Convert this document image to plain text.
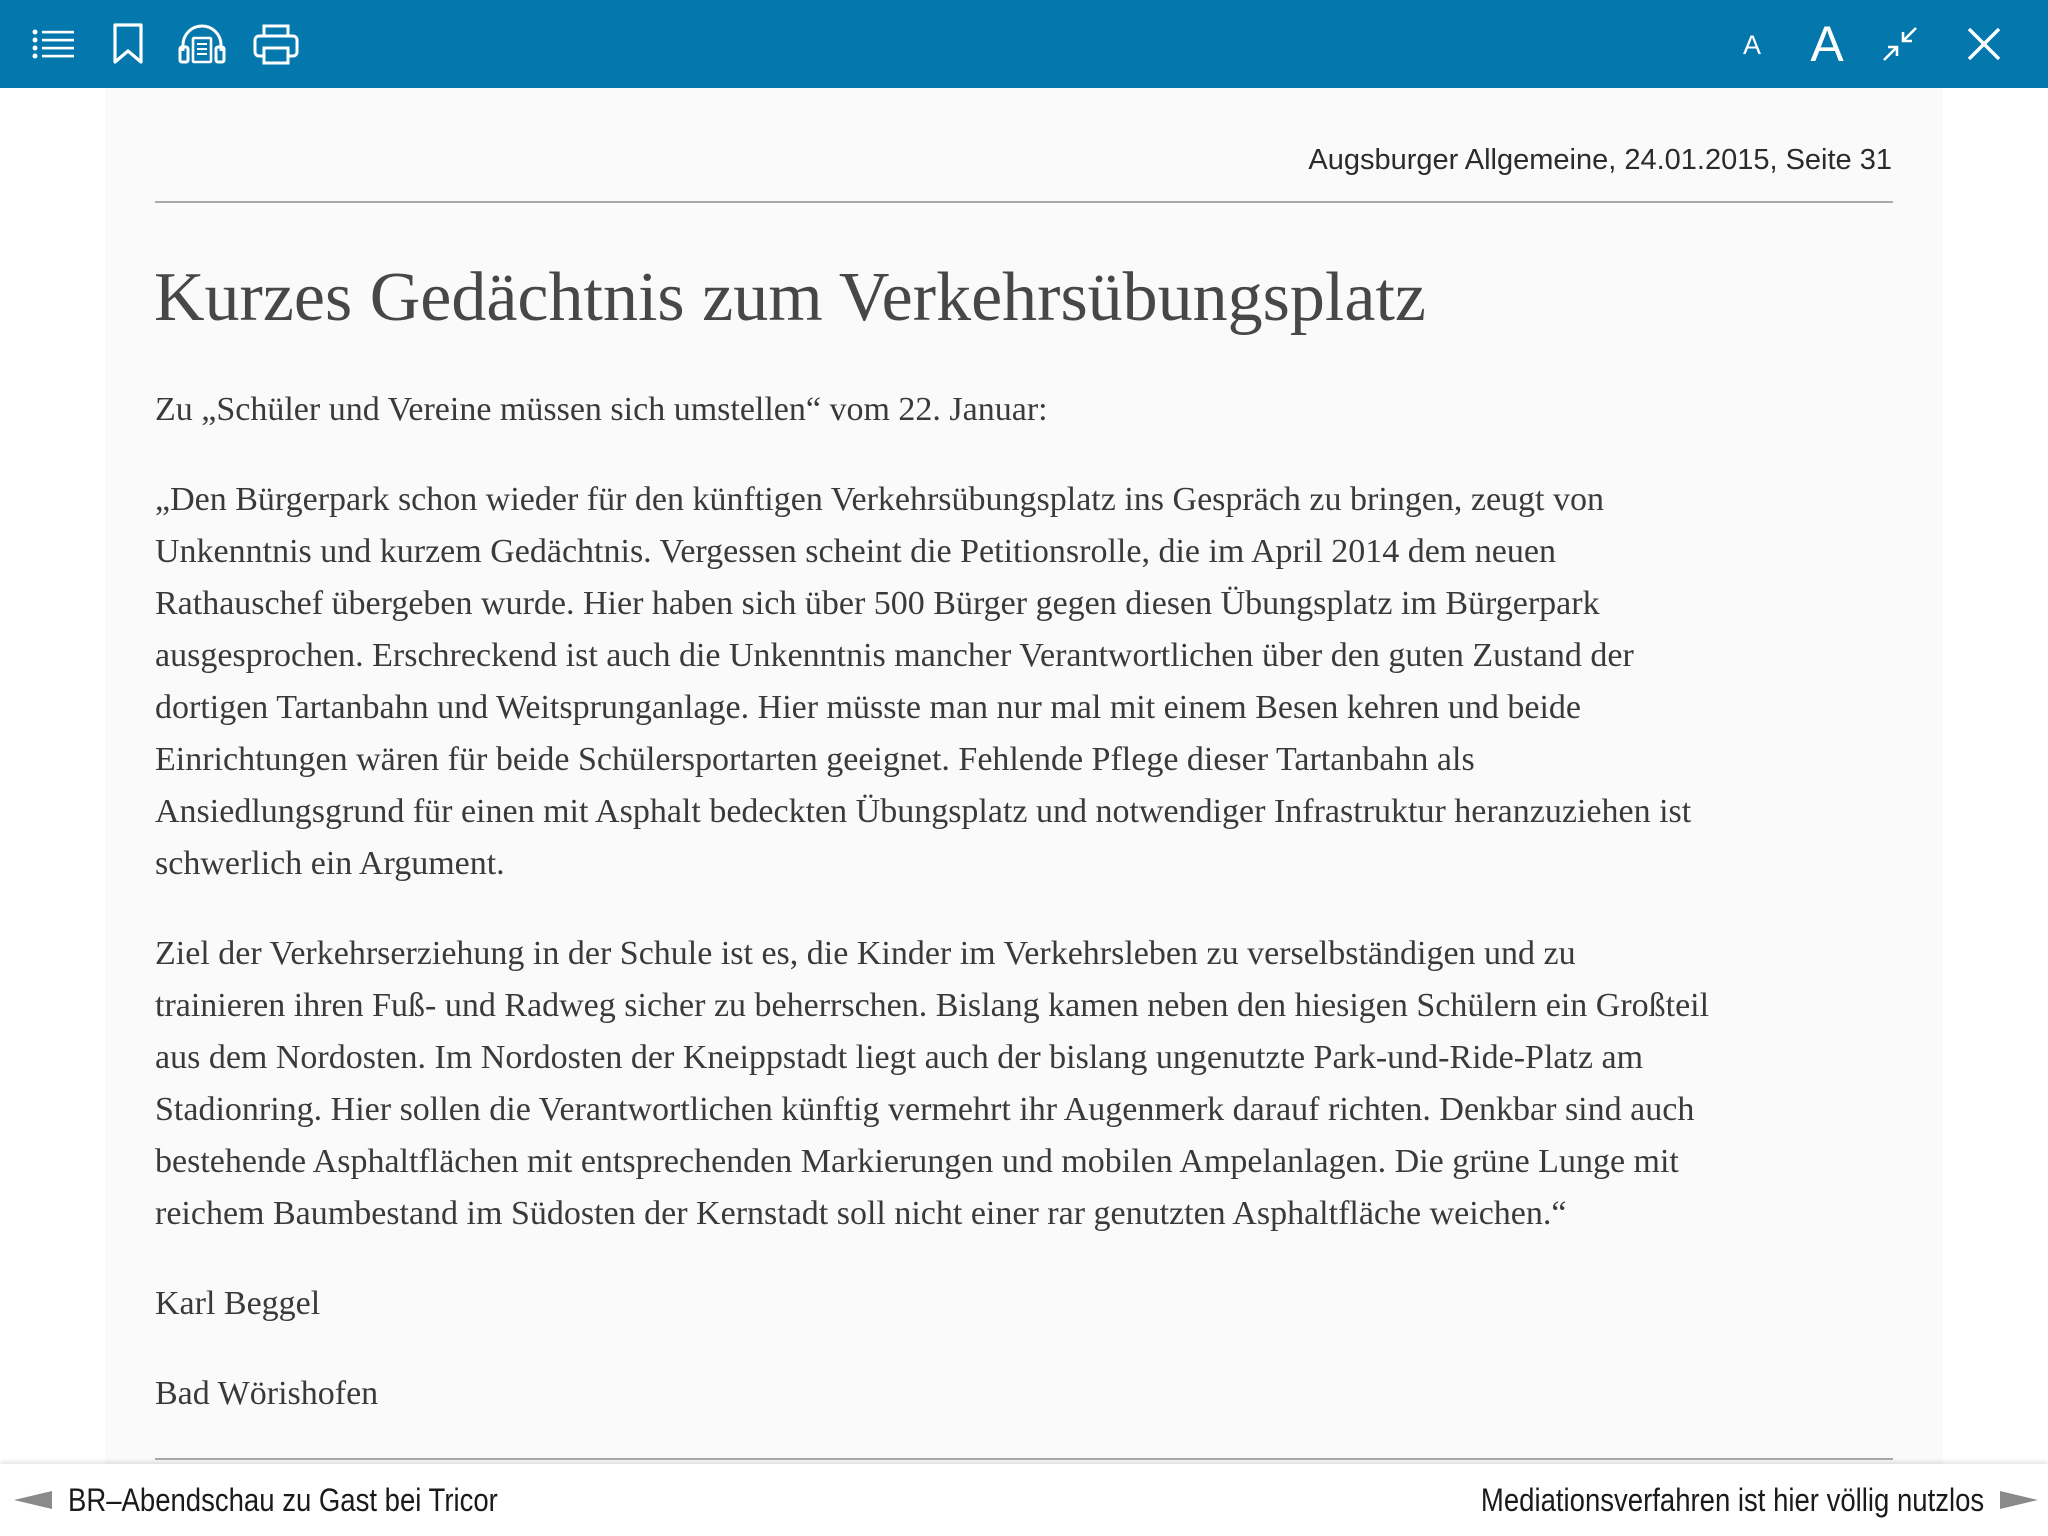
A A
Augsburger Allgemeine, 24.01.2015, Seite 31
Kurzes Gedächtnis zum Verkehrsübungsplatz

Zu „Schüler und Vereine müssen sich umstellen“ vom 22. Januar:

„Den Bürgerpark schon wieder für den künftigen Verkehrsübungsplatz ins Gespräch zu bringen, zeugt von
Unkenntnis und kurzem Gedächtnis. Vergessen scheint die Petitionsrolle, die im April 2014 dem neuen
Rathauschef übergeben wurde. Hier haben sich über 500 Bürger gegen diesen Übungsplatz im Bürgerpark
ausgesprochen. Erschreckend ist auch die Unkenntnis mancher Verantwortlichen über den guten Zustand der
dortigen Tartanbahn und Weitsprunganlage. Hier müsste man nur mal mit einem Besen kehren und beide
Einrichtungen wären für beide Schülersportarten geeignet. Fehlende Pflege dieser Tartanbahn als
Ansiedlungsgrund für einen mit Asphalt bedeckten Übungsplatz und notwendiger Infrastruktur heranzuziehen ist
schwerlich ein Argument.

Ziel der Verkehrserziehung in der Schule ist es, die Kinder im Verkehrsleben zu verselbständigen und zu
trainieren ihren Fuß- und Radweg sicher zu beherrschen. Bislang kamen neben den hiesigen Schülern ein Großteil
aus dem Nordosten. Im Nordosten der Kneippstadt liegt auch der bislang ungenutzte Park-und-Ride-Platz am
Stadionring. Hier sollen die Verantwortlichen künftig vermehrt ihr Augenmerk darauf richten. Denkbar sind auch
bestehende Asphaltflächen mit entsprechenden Markierungen und mobilen Ampelanlagen. Die grüne Lunge mit
reichem Baumbestand im Südosten der Kernstadt soll nicht einer rar genutzten Asphaltfläche weichen.“

Karl Beggel

Bad Wörishofen

BR–Abendschau zu Gast bei Tricor	Mediationsverfahren ist hier völlig nutzlos
